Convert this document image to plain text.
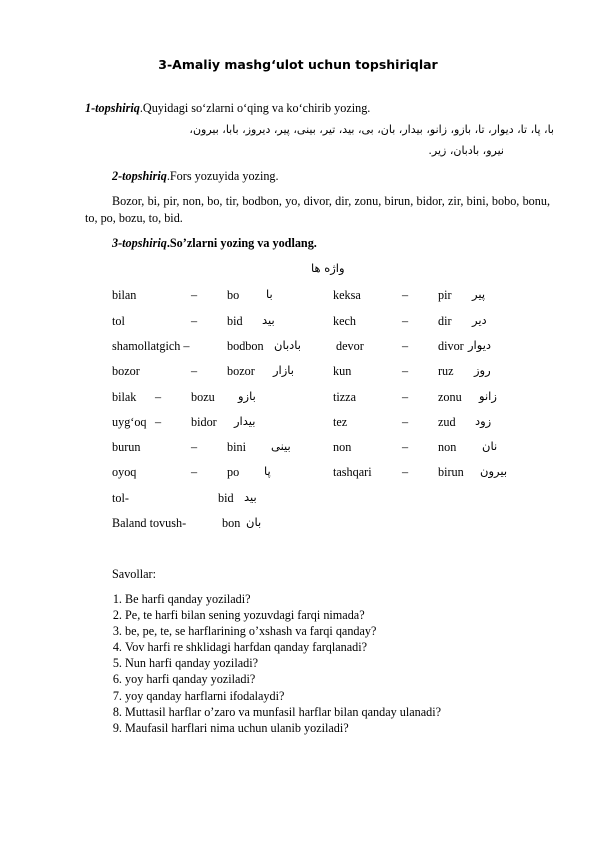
3-Amaliy mashg‘ulot uchun topshiriqlar
1-topshiriq.Quyidagi so‘zlarni o‘qing va ko‘chirib yozing.
با، پا، تا، دیوار، تا، بازو، زانو، بیدار، بان، بی، بید، تیر، بینی، پیر، دیروز، بابا، بیرون،
نیرو، بادبان، زیر.
2-topshiriq.Fors yozuyida yozing.
Bozor, bi, pir, non, bo, tir, bodbon, yo, divor, dir, zonu, birun, bidor, zir, bini, bobo, bonu, to, po, bozu, to, bid.
3-topshiriq.So’zlarni yozing va yodlang.
واژه ها
bilan	– bo با	keksa	– pir پیر
tol	– bid بید	kech	– dir دیر
shamollatgich –	bodbon بادبان	devor	– divor دیوار
bozor	– bozor بازار	kun	– ruz روز
bilak – bozu بازو	tizza	– zonu زانو
uyg‘oq – bidor بیدار	tez	– zud زود
burun	– bini بینی	non	– non نان
oyoq	– po پا	tashqari – birun بیرون
tol-	bid بید
Baland tovush-	bon بان
Savollar:
1. Be harfi qanday yoziladi?
2. Pe, te harfi bilan sening yozuvdagi farqi nimada?
3. be, pe, te, se harflarining o’xshash va farqi qanday?
4. Vov harfi re shklidagi harfdan qanday farqlanadi?
5. Nun harfi qanday yoziladi?
6. yoy harfi qanday yoziladi?
7. yoy qanday harflarni ifodalaydi?
8. Muttasil harflar o’zaro va munfasil harflar bilan qanday ulanadi?
9. Maufasil harflari nima uchun ulanib yoziladi?
